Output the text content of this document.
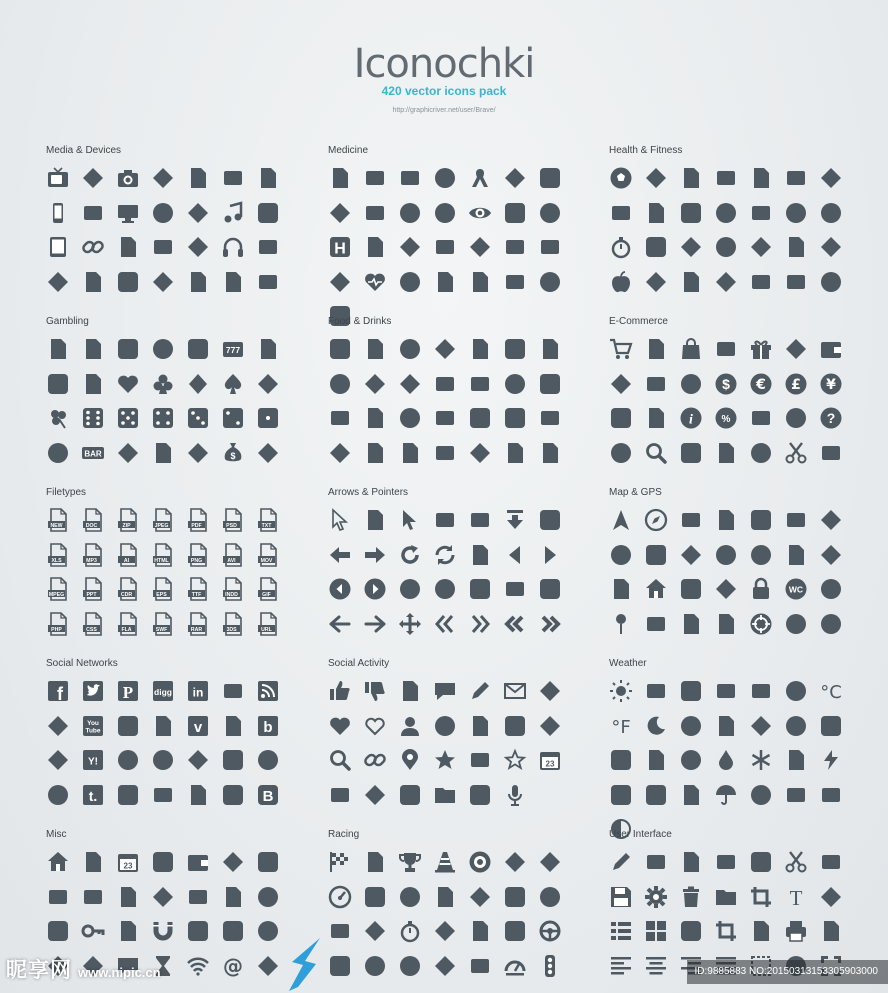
Iconochki
420 vector icons pack
http://graphicriver.net/user/Brave/
Media & Devices	Medicine
H
Health & Fitness
Gambling
777
BAR	$
Food & Drinks	E-Commerce
$ € £ ¥
i	%	?
Filetypes
NEW	DOC	ZIP	JPEG	PDF	PSD	TXT
XLS	MP3	AI	HTML	PNG	AVI	MOV
MPEG	PPT	CDR	EPS	TTF	INDD	GIF
PHP	CSS	FLA	SWF	RAR	3DS	URL
Arrows & Pointers	Map & GPS
WC
Social Networks
f	P digg in
You
Tube	v	b
Y!
t.	B
Social Activity
23
Weather
°C
°F
Misc
23
@
Racing	User Interface
T
昵享网 www.nipic.cn	ID:9885883 NO:20150313153305903000
